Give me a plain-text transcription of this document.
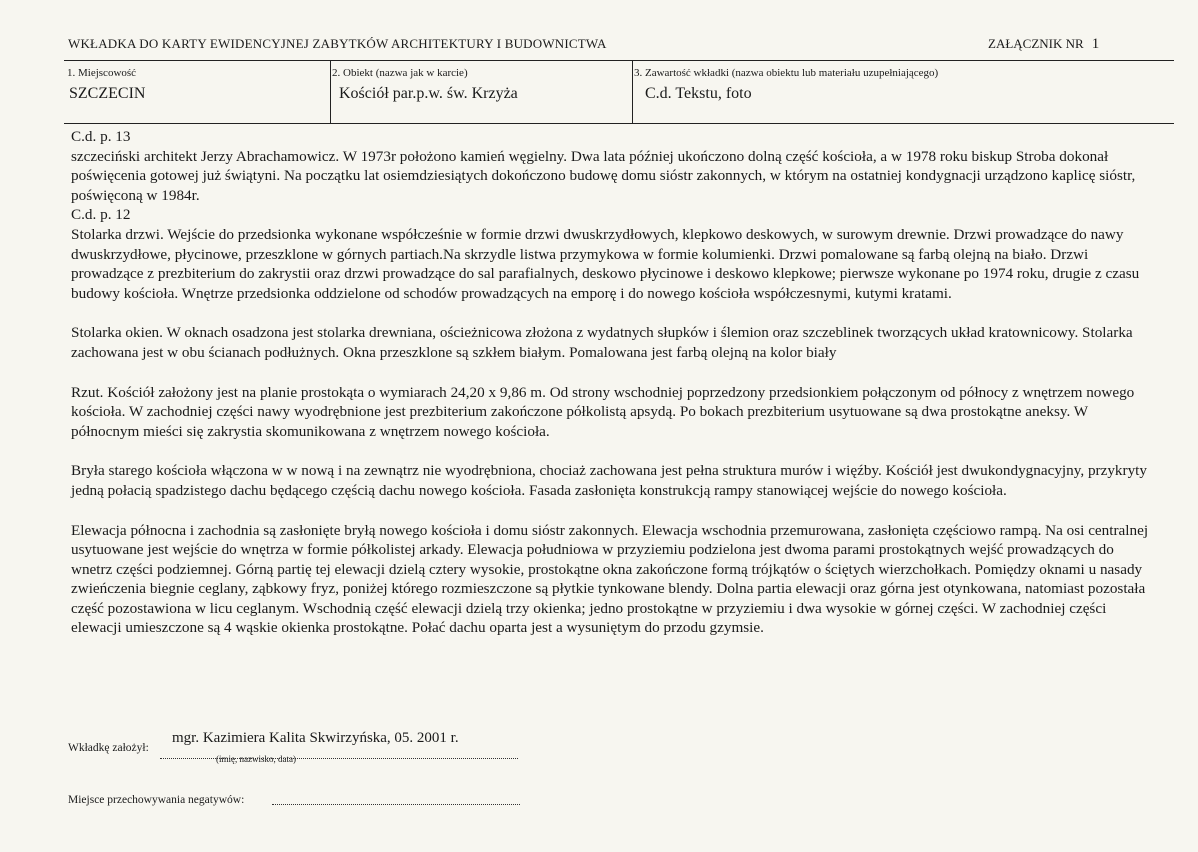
WKŁADKA DO KARTY EWIDENCYJNEJ ZABYTKÓW ARCHITEKTURY I BUDOWNICTWA	ZAŁĄCZNIK NR 1
1. Miejscowość
SZCZECIN
2. Obiekt (nazwa jak w karcie)
Kościół par.p.w. św. Krzyża
3. Zawartość wkładki (nazwa obiektu lub materiału uzupełniającego)
C.d. Tekstu, foto

C.d. p. 13

szczeciński architekt Jerzy Abrachamowicz. W 1973r położono kamień węgielny. Dwa lata później ukończono dolną część kościoła, a w 1978 roku biskup Stroba dokonał poświęcenia gotowej już świątyni. Na początku lat osiemdziesiątych dokończono budowę domu sióstr zakonnych, w którym na ostatniej kondygnacji urządzono kaplicę sióstr, poświęconą w 1984r.

C.d. p. 12

Stolarka drzwi. Wejście do przedsionka wykonane współcześnie w formie drzwi dwuskrzydłowych, klepkowo deskowych, w surowym drewnie. Drzwi prowadzące do nawy dwuskrzydłowe, płycinowe, przeszklone w górnych partiach.Na skrzydle listwa przymykowa w formie kolumienki. Drzwi pomalowane są farbą olejną na biało. Drzwi prowadzące z prezbiterium do zakrystii oraz drzwi prowadzące do sal parafialnych, deskowo płycinowe i deskowo klepkowe; pierwsze wykonane po 1974 roku, drugie z czasu budowy kościoła. Wnętrze przedsionka oddzielone od schodów prowadzących na emporę i do nowego kościoła współczesnymi, kutymi kratami.

Stolarka okien. W oknach osadzona jest stolarka drewniana, ościeżnicowa złożona z wydatnych słupków i ślemion oraz szczeblinek tworzących układ kratownicowy. Stolarka zachowana jest w obu ścianach podłużnych. Okna przeszklone są szkłem białym. Pomalowana jest farbą olejną na kolor biały

Rzut. Kościół założony jest na planie prostokąta o wymiarach 24,20 x 9,86 m. Od strony wschodniej poprzedzony przedsionkiem połączonym od północy z wnętrzem nowego kościoła. W zachodniej części nawy wyodrębnione jest prezbiterium zakończone półkolistą apsydą. Po bokach prezbiterium usytuowane są dwa prostokątne aneksy. W północnym mieści się zakrystia skomunikowana z wnętrzem nowego kościoła.

Bryła starego kościoła włączona w w nową i na zewnątrz nie wyodrębniona, chociaż zachowana jest pełna struktura murów i więźby. Kościół jest dwukondygnacyjny, przykryty jedną połacią spadzistego dachu będącego częścią dachu nowego kościoła. Fasada zasłonięta konstrukcją rampy stanowiącej wejście do nowego kościoła.

Elewacja północna i zachodnia są zasłonięte bryłą nowego kościoła i domu sióstr zakonnych. Elewacja wschodnia przemurowana, zasłonięta częściowo rampą. Na osi centralnej usytuowane jest wejście do wnętrza w formie półkolistej arkady. Elewacja południowa w przyziemiu podzielona jest dwoma parami prostokątnych wejść prowadzących do wnetrz części podziemnej. Górną partię tej elewacji dzielą cztery wysokie, prostokątne okna zakończone formą trójkątów o ściętych wierzchołkach. Pomiędzy oknami u nasady zwieńczenia biegnie ceglany, ząbkowy fryz, poniżej którego rozmieszczone są płytkie tynkowane blendy. Dolna partia elewacji oraz górna jest otynkowana, natomiast pozostała część pozostawiona w licu ceglanym. Wschodnią część elewacji dzielą trzy okienka; jedno prostokątne w przyziemiu i dwa wysokie w górnej części. W zachodniej części elewacji umieszczone są 4 wąskie okienka prostokątne. Połać dachu oparta jest a wysuniętym do przodu gzymsie.

Wkładkę założył:
mgr. Kazimiera Kalita Skwirzyńska, 05. 2001 r.
(imię, nazwisko, data)
Miejsce przechowywania negatywów:
